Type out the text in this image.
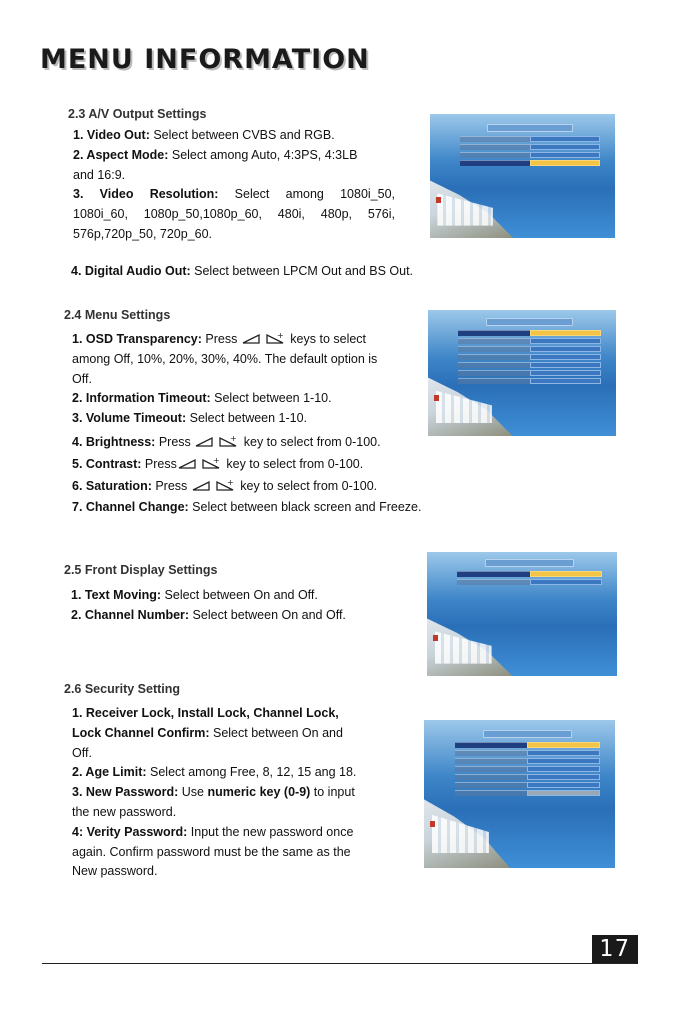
MENU INFORMATION
2.3 A/V Output Settings
1. Video Out: Select between CVBS and RGB.
2. Aspect Mode: Select among Auto, 4:3PS, 4:3LB
and 16:9.
3. Video Resolution: Select among 1080i_50,
1080i_60, 1080p_50,1080p_60, 480i, 480p, 576i,
576p,720p_50, 720p_60.
4. Digital Audio Out: Select between LPCM Out and BS Out.
2.4 Menu Settings
1. OSD Transparency: Press	+ keys to select
among Off, 10%, 20%, 30%, 40%. The default option is
Off.
2. Information Timeout: Select between 1-10.
3. Volume Timeout: Select between 1-10.
4. Brightness: Press	+ key to select from 0-100.
5. Contrast: Press	+ key to select from 0-100.
6. Saturation: Press	+ key to select from 0-100.
7. Channel Change: Select between black screen and Freeze.
2.5 Front Display Settings
1. Text Moving: Select between On and Off.
2. Channel Number: Select between On and Off.
2.6 Security Setting
1. Receiver Lock, Install Lock, Channel Lock,
Lock Channel Confirm: Select between On and
Off.
2. Age Limit: Select among Free, 8, 12, 15 ang 18.
3. New Password: Use numeric key (0-9) to input
the new password.
4: Verity Password: Input the new password once
again. Confirm password must be the same as the
New password.
17
